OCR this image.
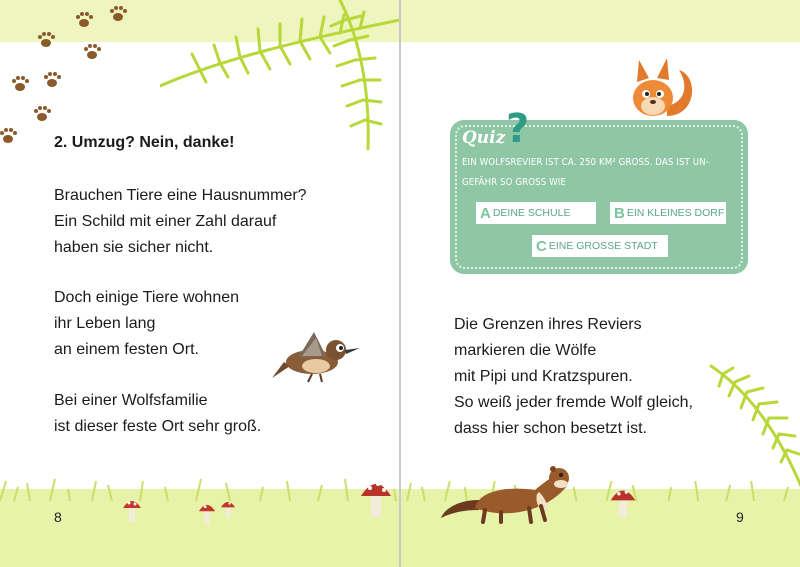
2. Umzug? Nein, danke!

Brauchen Tiere eine Hausnummer?
Ein Schild mit einer Zahl darauf
haben sie sicher nicht.

Doch einige Tiere wohnen
ihr Leben lang
an einem festen Ort.

Bei einer Wolfsfamilie
ist dieser feste Ort sehr groß.

8
Quiz ?
EIN WOLFSREVIER IST CA. 250 KM² GROSS. DAS IST UN-
GEFÄHR SO GROSS WIE
A DEINE SCHULE	B EIN KLEINES DORF
C EINE GROSSE STADT

Die Grenzen ihres Reviers
markieren die Wölfe
mit Pipi und Kratzspuren.
So weiß jeder fremde Wolf gleich,
dass hier schon besetzt ist.

9
